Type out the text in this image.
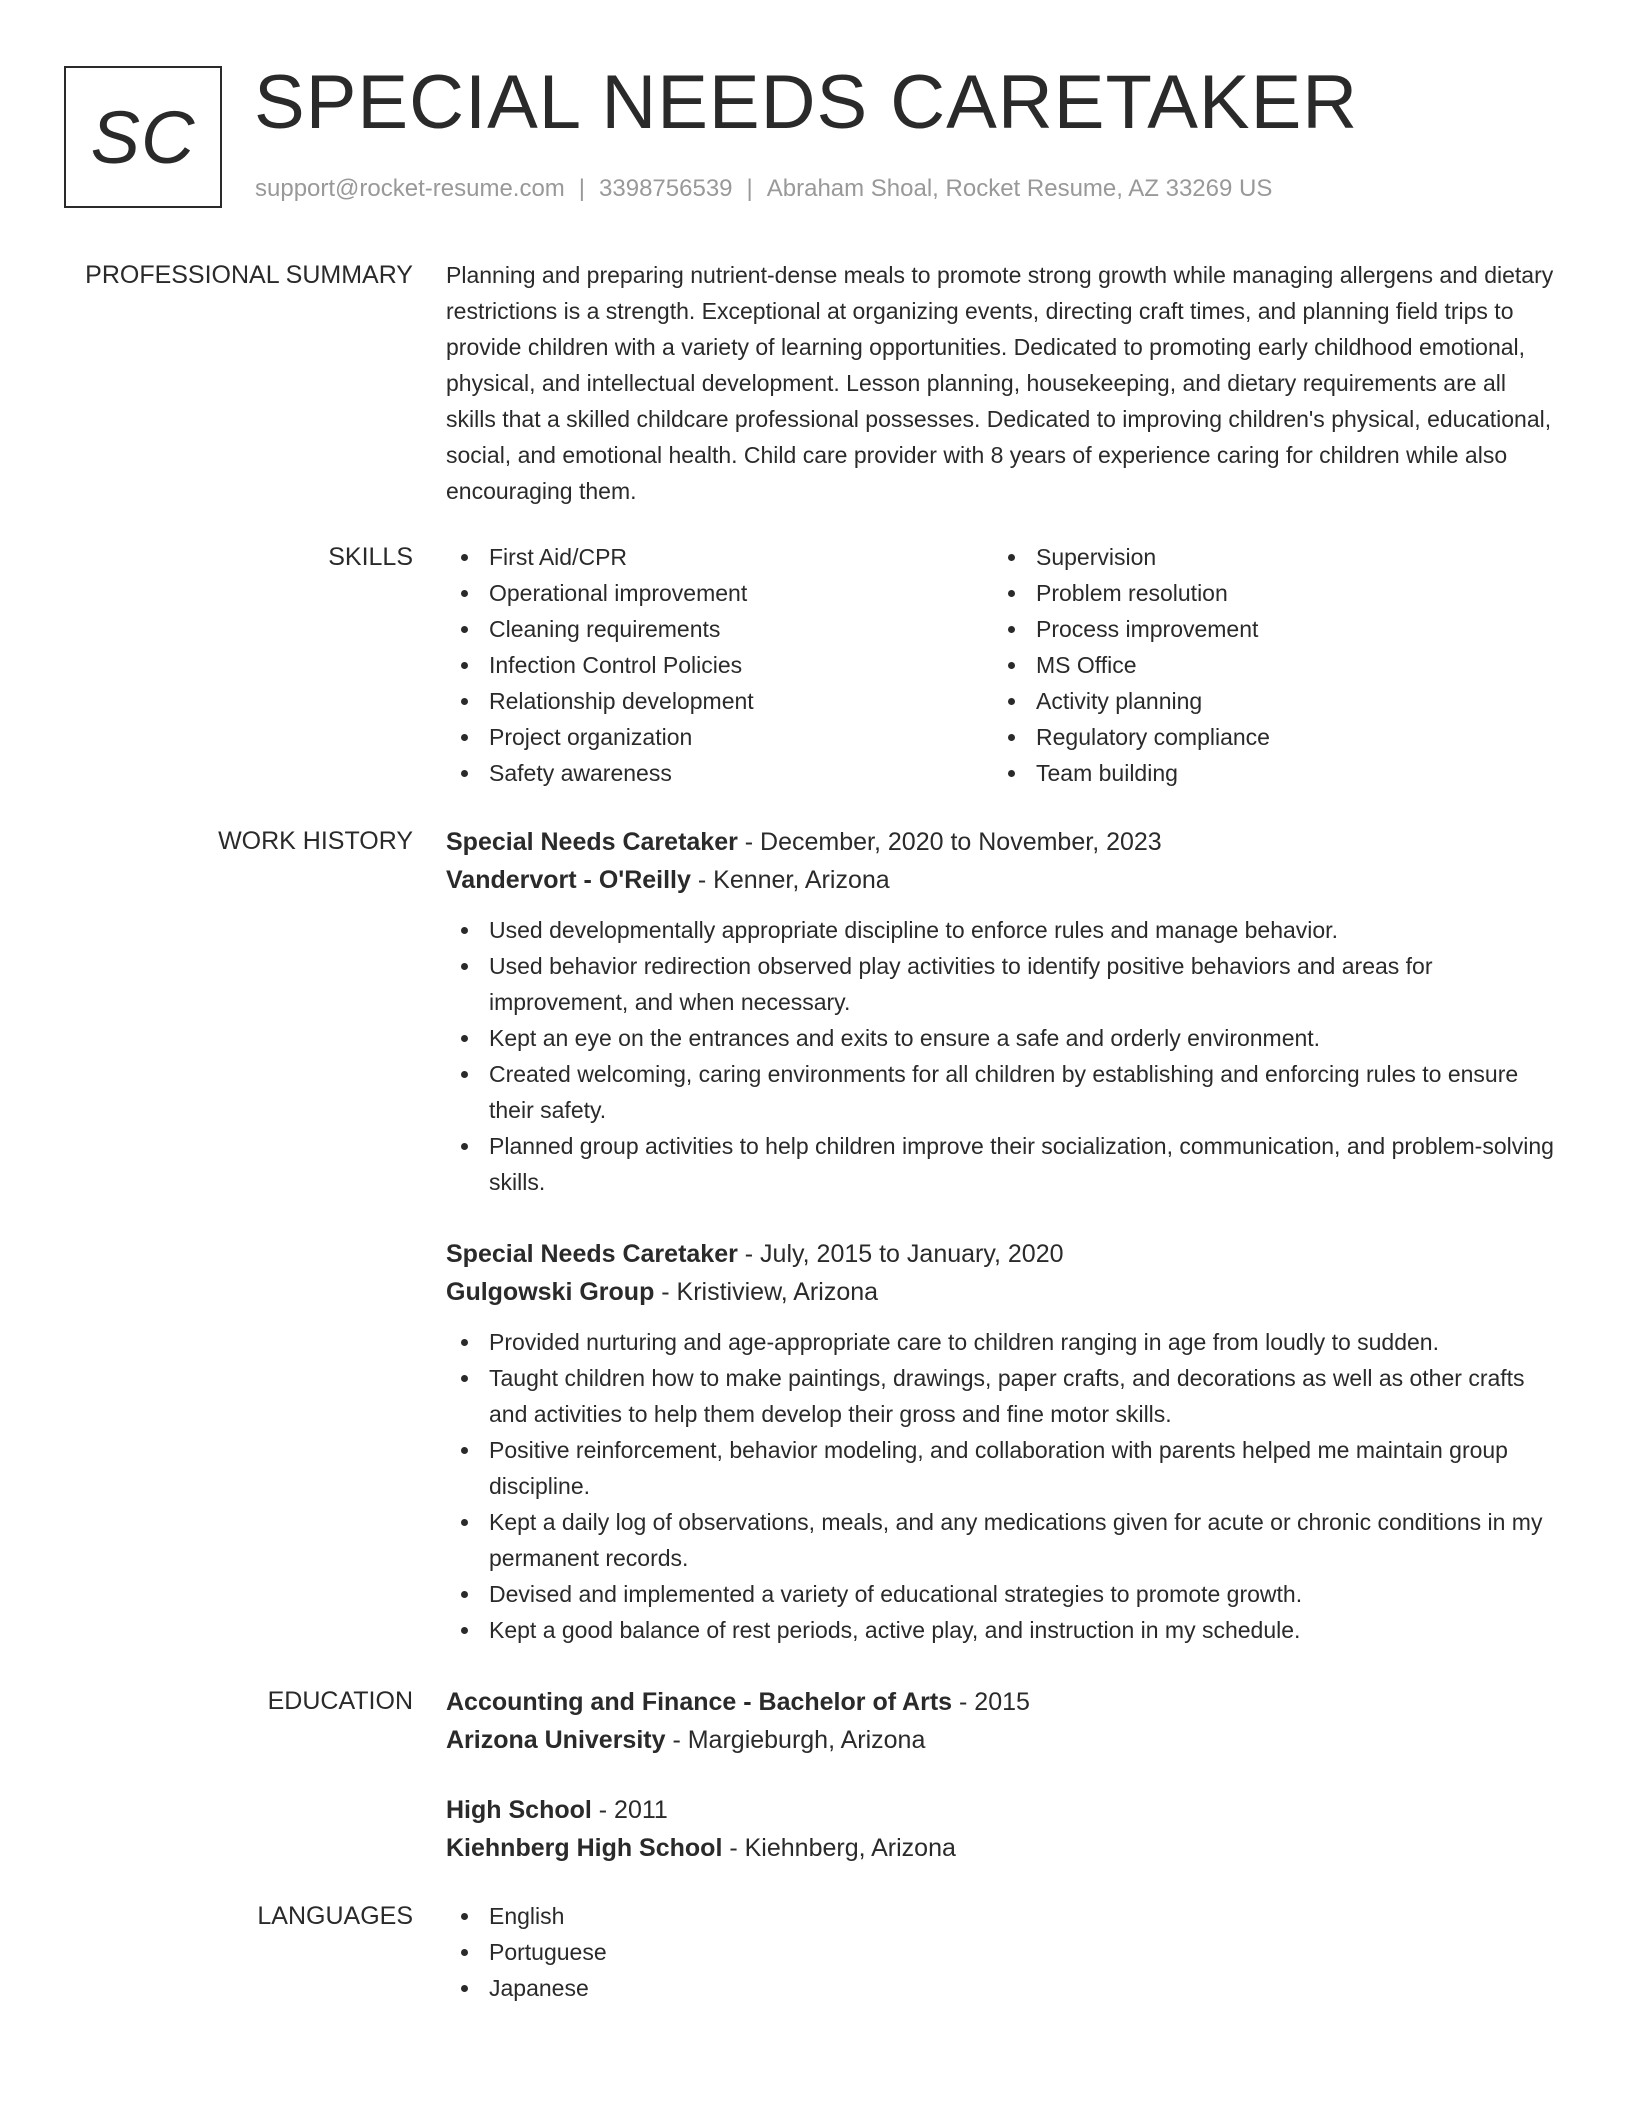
SC SPECIAL NEEDS CARETAKER
support@rocket-resume.com | 3398756539 | Abraham Shoal, Rocket Resume, AZ 33269 US
PROFESSIONAL SUMMARY Planning and preparing nutrient-dense meals to promote strong growth while managing allergens and dietary restrictions is a strength. Exceptional at organizing events, directing craft times, and planning field trips to provide children with a variety of learning opportunities. Dedicated to promoting early childhood emotional, physical, and intellectual development. Lesson planning, housekeeping, and dietary requirements are all skills that a skilled childcare professional possesses. Dedicated to improving children's physical, educational, social, and emotional health. Child care provider with 8 years of experience caring for children while also encouraging them.

SKILLS	First Aid/CPR
Operational improvement
Cleaning requirements
Infection Control Policies
Relationship development
Project organization
Safety awareness
Supervision
Problem resolution
Process improvement
MS Office
Activity planning
Regulatory compliance
Team building
WORK HISTORY Special Needs Caretaker - December, 2020 to November, 2023
Vandervort - O'Reilly - Kenner, Arizona
Used developmentally appropriate discipline to enforce rules and manage behavior.
Used behavior redirection observed play activities to identify positive behaviors and areas for improvement, and when necessary.
Kept an eye on the entrances and exits to ensure a safe and orderly environment.
Created welcoming, caring environments for all children by establishing and enforcing rules to ensure their safety.
Planned group activities to help children improve their socialization, communication, and problem-solving skills.
Special Needs Caretaker - July, 2015 to January, 2020
Gulgowski Group - Kristiview, Arizona
Provided nurturing and age-appropriate care to children ranging in age from loudly to sudden.
Taught children how to make paintings, drawings, paper crafts, and decorations as well as other crafts and activities to help them develop their gross and fine motor skills.
Positive reinforcement, behavior modeling, and collaboration with parents helped me maintain group discipline.
Kept a daily log of observations, meals, and any medications given for acute or chronic conditions in my permanent records.
Devised and implemented a variety of educational strategies to promote growth.
Kept a good balance of rest periods, active play, and instruction in my schedule.
EDUCATION Accounting and Finance - Bachelor of Arts - 2015
Arizona University - Margieburgh, Arizona
High School - 2011
Kiehnberg High School - Kiehnberg, Arizona
LANGUAGES	English
Portuguese
Japanese
